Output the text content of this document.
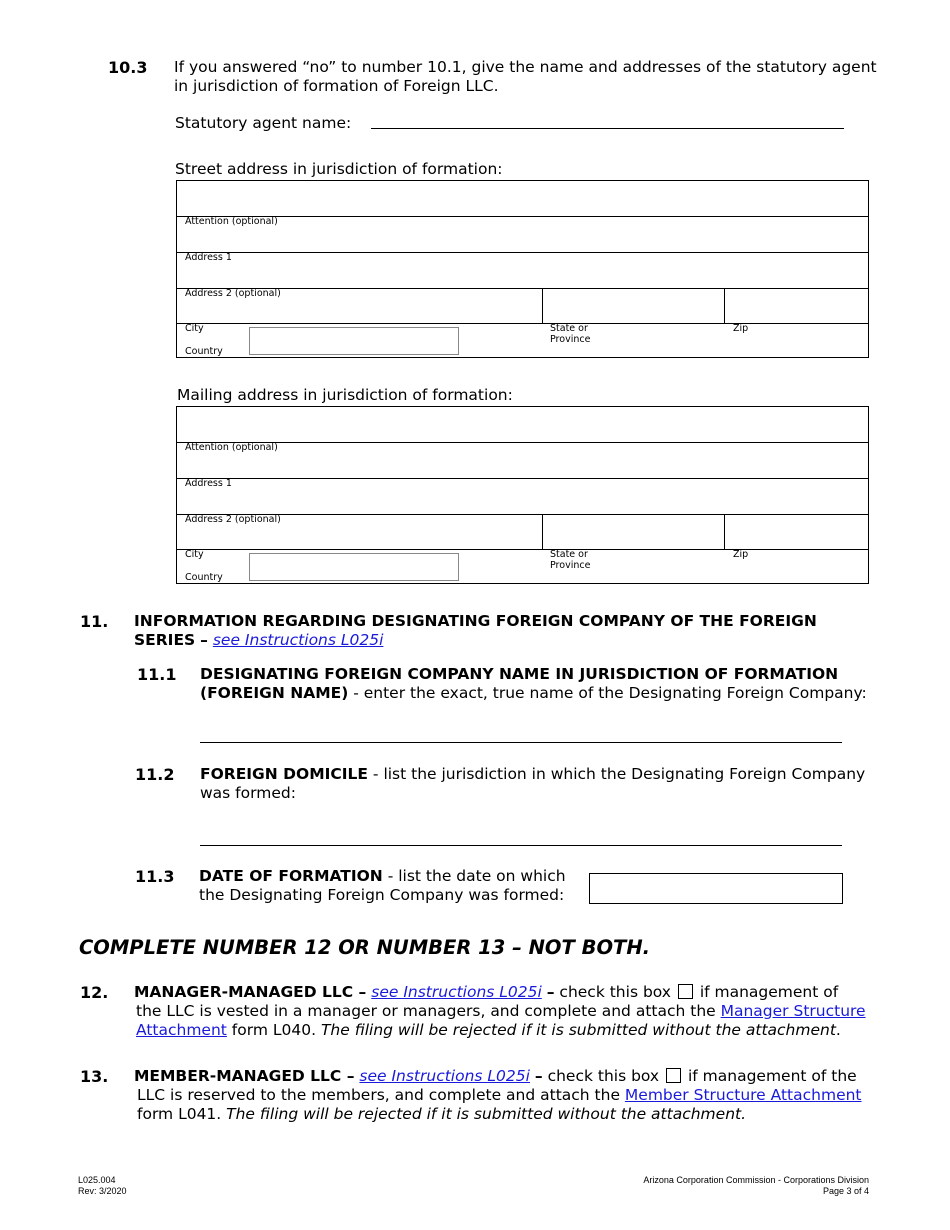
10.3 If you answered “no” to number 10.1, give the name and addresses of the statutory agent
in jurisdiction of formation of Foreign LLC.
Statutory agent name:
Street address in jurisdiction of formation:
Attention (optional)
Address 1
Address 2 (optional)
City
Country
State or
Province
Zip
Mailing address in jurisdiction of formation:
Attention (optional)
Address 1
Address 2 (optional)
City
Country
State or
Province
Zip
11. INFORMATION REGARDING DESIGNATING FOREIGN COMPANY OF THE FOREIGN
SERIES – see Instructions L025i
11.1 DESIGNATING FOREIGN COMPANY NAME IN JURISDICTION OF FORMATION
(FOREIGN NAME) - enter the exact, true name of the Designating Foreign Company:
11.2 FOREIGN DOMICILE - list the jurisdiction in which the Designating Foreign Company
was formed:
11.3 DATE OF FORMATION - list the date on which
the Designating Foreign Company was formed:
COMPLETE NUMBER 12 OR NUMBER 13 – NOT BOTH.
12. MANAGER-MANAGED LLC – see Instructions L025i – check this box  if management of
the LLC is vested in a manager or managers, and complete and attach the Manager Structure
Attachment form L040. The filing will be rejected if it is submitted without the attachment.
13. MEMBER-MANAGED LLC – see Instructions L025i – check this box  if management of the
LLC is reserved to the members, and complete and attach the Member Structure Attachment
form L041. The filing will be rejected if it is submitted without the attachment.
L025.004
Rev: 3/2020
Arizona Corporation Commission - Corporations Division
Page 3 of 4
